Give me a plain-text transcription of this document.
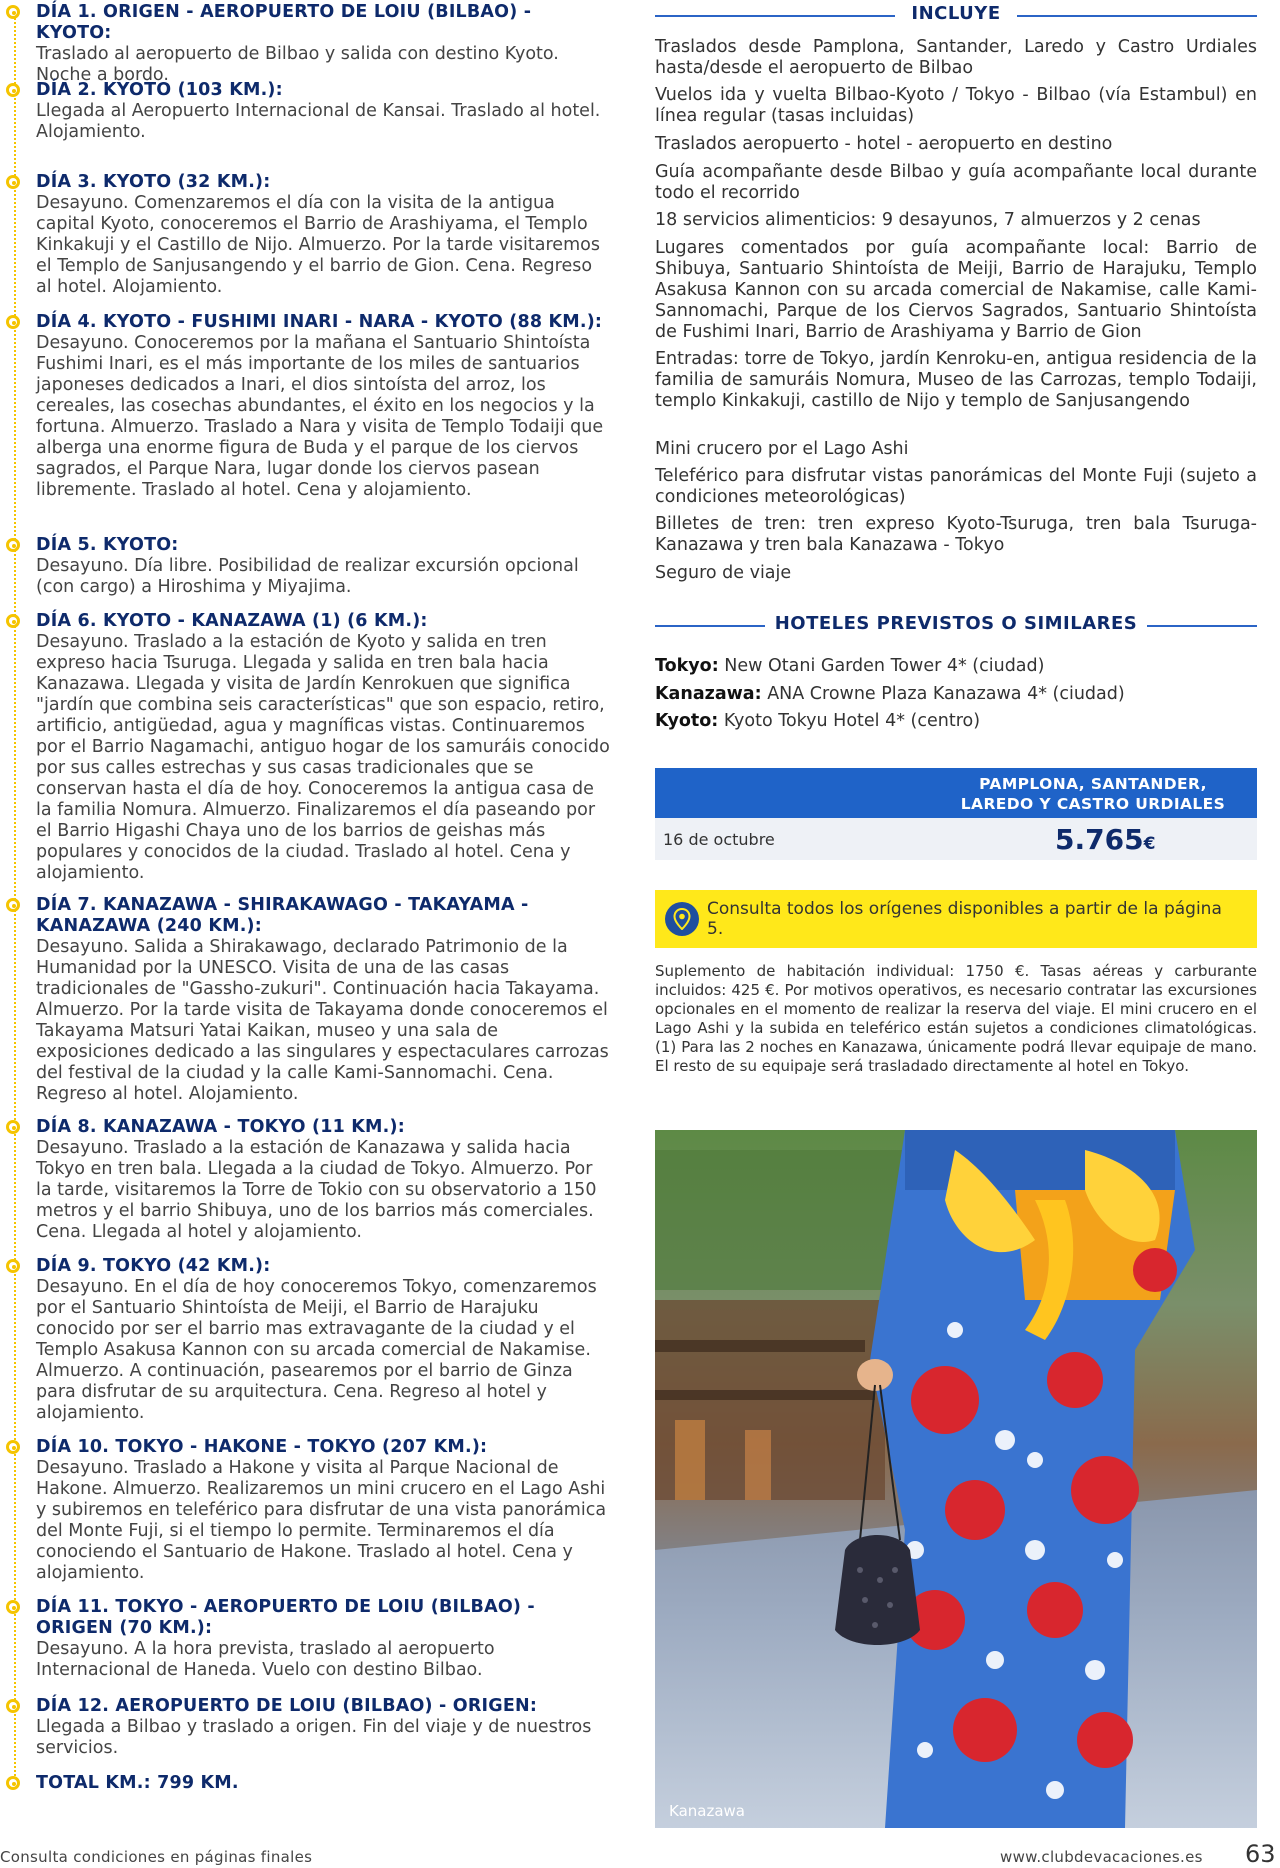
DÍA 1. ORIGEN - AEROPUERTO DE LOIU (BILBAO) - KYOTO:
Traslado al aeropuerto de Bilbao y salida con destino Kyoto. Noche a bordo.
DÍA 2. KYOTO (103 KM.):
Llegada al Aeropuerto Internacional de Kansai. Traslado al hotel. Alojamiento.
DÍA 3. KYOTO (32 KM.):
Desayuno. Comenzaremos el día con la visita de la antigua capital Kyoto, conoceremos el Barrio de Arashiyama, el Templo Kinkakuji y el Castillo de Nijo. Almuerzo. Por la tarde visitaremos el Templo de Sanjusangendo y el barrio de Gion. Cena. Regreso al hotel. Alojamiento.
DÍA 4. KYOTO - FUSHIMI INARI - NARA - KYOTO (88 KM.):
Desayuno. Conoceremos por la mañana el Santuario Shintoísta Fushimi Inari, es el más importante de los miles de santuarios japoneses dedicados a Inari, el dios sintoísta del arroz, los cereales, las cosechas abundantes, el éxito en los negocios y la fortuna. Almuerzo. Traslado a Nara y visita de Templo Todaiji que alberga una enorme figura de Buda y el parque de los ciervos sagrados, el Parque Nara, lugar donde los ciervos pasean libremente. Traslado al hotel. Cena y alojamiento.
DÍA 5. KYOTO:
Desayuno. Día libre. Posibilidad de realizar excursión opcional (con cargo) a Hiroshima y Miyajima.
DÍA 6. KYOTO - KANAZAWA (1) (6 KM.):
Desayuno. Traslado a la estación de Kyoto y salida en tren expreso hacia Tsuruga. Llegada y salida en tren bala hacia Kanazawa. Llegada y visita de Jardín Kenrokuen que significa "jardín que combina seis características" que son espacio, retiro, artificio, antigüedad, agua y magníficas vistas. Continuaremos por el Barrio Nagamachi, antiguo hogar de los samuráis conocido por sus calles estrechas y sus casas tradicionales que se conservan hasta el día de hoy. Conoceremos la antigua casa de la familia Nomura. Almuerzo. Finalizaremos el día paseando por el Barrio Higashi Chaya uno de los barrios de geishas más populares y conocidos de la ciudad. Traslado al hotel. Cena y alojamiento.
DÍA 7. KANAZAWA - SHIRAKAWAGO - TAKAYAMA - KANAZAWA (240 KM.):
Desayuno. Salida a Shirakawago, declarado Patrimonio de la Humanidad por la UNESCO. Visita de una de las casas tradicionales de "Gassho-zukuri". Continuación hacia Takayama. Almuerzo. Por la tarde visita de Takayama donde conoceremos el Takayama Matsuri Yatai Kaikan, museo y una sala de exposiciones dedicado a las singulares y espectaculares carrozas del festival de la ciudad y la calle Kami-Sannomachi. Cena. Regreso al hotel. Alojamiento.
DÍA 8. KANAZAWA - TOKYO (11 KM.):
Desayuno. Traslado a la estación de Kanazawa y salida hacia Tokyo en tren bala. Llegada a la ciudad de Tokyo. Almuerzo. Por la tarde, visitaremos la Torre de Tokio con su observatorio a 150 metros y el barrio Shibuya, uno de los barrios más comerciales. Cena. Llegada al hotel y alojamiento.
DÍA 9. TOKYO (42 KM.):
Desayuno. En el día de hoy conoceremos Tokyo, comenzaremos por el Santuario Shintoísta de Meiji, el Barrio de Harajuku conocido por ser el barrio mas extravagante de la ciudad y el Templo Asakusa Kannon con su arcada comercial de Nakamise. Almuerzo. A continuación, pasearemos por el barrio de Ginza para disfrutar de su arquitectura. Cena. Regreso al hotel y alojamiento.
DÍA 10. TOKYO - HAKONE - TOKYO (207 KM.):
Desayuno. Traslado a Hakone y visita al Parque Nacional de Hakone. Almuerzo. Realizaremos un mini crucero en el Lago Ashi y subiremos en teleférico para disfrutar de una vista panorámica del Monte Fuji, si el tiempo lo permite. Terminaremos el día conociendo el Santuario de Hakone. Traslado al hotel. Cena y alojamiento.
DÍA 11. TOKYO - AEROPUERTO DE LOIU (BILBAO) - ORIGEN (70 KM.):
Desayuno. A la hora prevista, traslado al aeropuerto Internacional de Haneda. Vuelo con destino Bilbao.
DÍA 12. AEROPUERTO DE LOIU (BILBAO) - ORIGEN:
Llegada a Bilbao y traslado a origen. Fin del viaje y de nuestros servicios.
TOTAL KM.: 799 KM.
INCLUYE
Traslados desde Pamplona, Santander, Laredo y Castro Urdiales hasta/desde el aeropuerto de Bilbao
Vuelos ida y vuelta Bilbao-Kyoto / Tokyo - Bilbao (vía Estambul) en línea regular (tasas incluidas)
Traslados aeropuerto - hotel - aeropuerto en destino
Guía acompañante desde Bilbao y guía acompañante local durante todo el recorrido
18 servicios alimenticios: 9 desayunos, 7 almuerzos y 2 cenas
Lugares comentados por guía acompañante local: Barrio de Shibuya, Santuario Shintoísta de Meiji, Barrio de Harajuku, Templo Asakusa Kannon con su arcada comercial de Nakamise, calle Kami-Sannomachi, Parque de los Ciervos Sagrados, Santuario Shintoísta de Fushimi Inari, Barrio de Arashiyama y Barrio de Gion
Entradas: torre de Tokyo, jardín Kenroku-en, antigua residencia de la familia de samuráis Nomura, Museo de las Carrozas, templo Todaiji, templo Kinkakuji, castillo de Nijo y templo de Sanjusangendo
Mini crucero por el Lago Ashi
Teleférico para disfrutar vistas panorámicas del Monte Fuji (sujeto a condiciones meteorológicas)
Billetes de tren: tren expreso Kyoto-Tsuruga, tren bala Tsuruga-Kanazawa y tren bala Kanazawa - Tokyo
Seguro de viaje
HOTELES PREVISTOS O SIMILARES
Tokyo: New Otani Garden Tower 4* (ciudad)
Kanazawa: ANA Crowne Plaza Kanazawa 4* (ciudad)
Kyoto: Kyoto Tokyu Hotel 4* (centro)
PAMPLONA, SANTANDER,
LAREDO Y CASTRO URDIALES
16 de octubre	5.765€
Consulta todos los orígenes disponibles a partir de la página 5.
Suplemento de habitación individual: 1750 €. Tasas aéreas y carburante incluidos: 425 €. Por motivos operativos, es necesario contratar las excursiones opcionales en el momento de realizar la reserva del viaje. El mini crucero en el Lago Ashi y la subida en teleférico están sujetos a condiciones climatológicas. (1) Para las 2 noches en Kanazawa, únicamente podrá llevar equipaje de mano. El resto de su equipaje será trasladado directamente al hotel en Tokyo.
Kanazawa
Consulta condiciones en páginas finales	www.clubdevacaciones.es 63
